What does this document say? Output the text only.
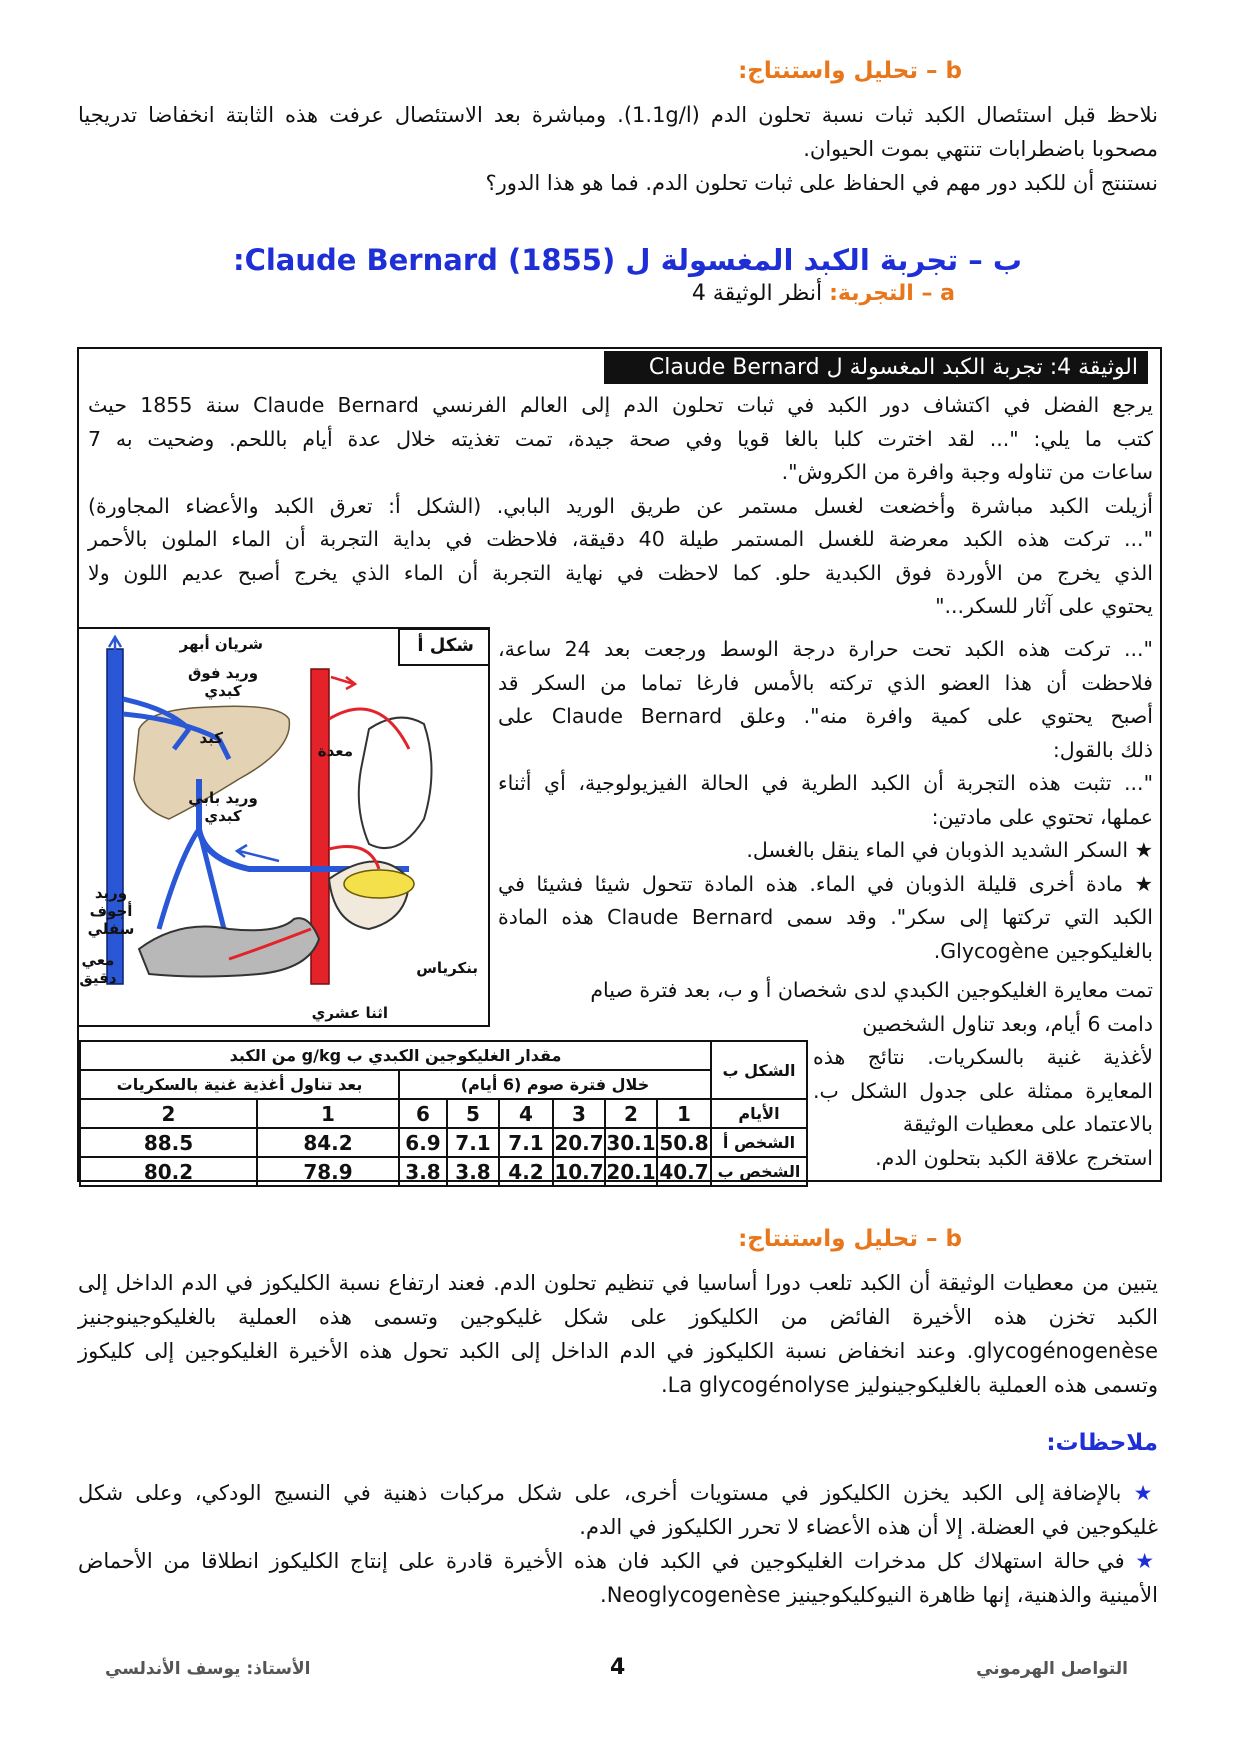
b – تحليل واستنتاج:
نلاحظ قبل استئصال الكبد ثبات نسبة تحلون الدم (1.1g/l). ومباشرة بعد الاستئصال عرفت هذه الثابتة انخفاضا تدريجيا
مصحوبا باضطرابات تنتهي بموت الحيوان.
نستنتج أن للكبد دور مهم في الحفاظ على ثبات تحلون الدم. فما هو هذا الدور؟
ب – تجربة الكبد المغسولة ل Claude Bernard (1855):
a – التجربة: أنظر الوثيقة 4
الوثيقة 4: تجربة الكبد المغسولة ل Claude Bernard
يرجع الفضل في اكتشاف دور الكبد في ثبات تحلون الدم إلى العالم الفرنسي Claude Bernard سنة 1855 حيث
كتب ما يلي: "... لقد اخترت كلبا بالغا قويا وفي صحة جيدة، تمت تغذيته خلال عدة أيام باللحم. وضحيت به 7
ساعات من تناوله وجبة وافرة من الكروش".
أزيلت الكبد مباشرة وأخضعت لغسل مستمر عن طريق الوريد البابي. (الشكل أ: تعرق الكبد والأعضاء المجاورة)
"... تركت هذه الكبد معرضة للغسل المستمر طيلة 40 دقيقة، فلاحظت في بداية التجربة أن الماء الملون بالأحمر
الذي يخرج من الأوردة فوق الكبدية حلو. كما لاحظت في نهاية التجربة أن الماء الذي يخرج أصبح عديم اللون ولا
يحتوي على آثار للسكر..."
"... تركت هذه الكبد تحت حرارة درجة الوسط ورجعت بعد 24 ساعة،
فلاحظت أن هذا العضو الذي تركته بالأمس فارغا تماما من السكر قد
أصبح يحتوي على كمية وافرة منه". وعلق Claude Bernard على
ذلك بالقول:
"... تثبت هذه التجربة أن الكبد الطرية في الحالة الفيزيولوجية، أي أثناء
عملها، تحتوي على مادتين:
★ السكر الشديد الذوبان في الماء ينقل بالغسل.
★ مادة أخرى قليلة الذوبان في الماء. هذه المادة تتحول شيئا فشيئا في
الكبد التي تركتها إلى سكر". وقد سمى Claude Bernard هذه المادة
بالغليكوجين Glycogène.
تمت معايرة الغليكوجين الكبدي لدى شخصان أ و ب، بعد فترة صيام
دامت 6 أيام، وبعد تناول الشخصين
لأغذية غنية بالسكريات. نتائج هذه
المعايرة ممثلة على جدول الشكل ب.
بالاعتماد على معطيات الوثيقة
استخرج علاقة الكبد بتحلون الدم.
شكل أ
شريان أبهر
وريد فوق كبدي
كبد
وريد بابي كبدي
معدة
وريد أجوف سفلي
معي دقيق
بنكرياس
اثنا عشري
الشكل ب	مقدار الغليكوجين الكبدي ب g/kg من الكبد							
	خلال فترة صوم (6 أيام)						بعد تناول أغذية غنية بالسكريات	
الأيام	1	2	3	4	5	6	1	2
الشخص أ	50.8	30.1	20.7	7.1	7.1	6.9	84.2	88.5
الشخص ب	40.7	20.1	10.7	4.2	3.8	3.8	78.9	80.2
b – تحليل واستنتاج:
يتبين من معطيات الوثيقة أن الكبد تلعب دورا أساسيا في تنظيم تحلون الدم. فعند ارتفاع نسبة الكليكوز في الدم الداخل إلى
الكبد تخزن هذه الأخيرة الفائض من الكليكوز على شكل غليكوجين وتسمى هذه العملية بالغليكوجينوجنيز
glycogénogenèse. وعند انخفاض نسبة الكليكوز في الدم الداخل إلى الكبد تحول هذه الأخيرة الغليكوجين إلى كليكوز
وتسمى هذه العملية بالغليكوجينوليز La glycogénolyse.
ملاحظات:
★ بالإضافة إلى الكبد يخزن الكليكوز في مستويات أخرى، على شكل مركبات ذهنية في النسيج الودكي، وعلى شكل
غليكوجين في العضلة. إلا أن هذه الأعضاء لا تحرر الكليكوز في الدم.
★ في حالة استهلاك كل مدخرات الغليكوجين في الكبد فان هذه الأخيرة قادرة على إنتاج الكليكوز انطلاقا من الأحماض
الأمينية والذهنية، إنها ظاهرة النيوكليكوجينيز Neoglycogenèse.
التواصل الهرموني
4
الأستاذ: يوسف الأندلسي
